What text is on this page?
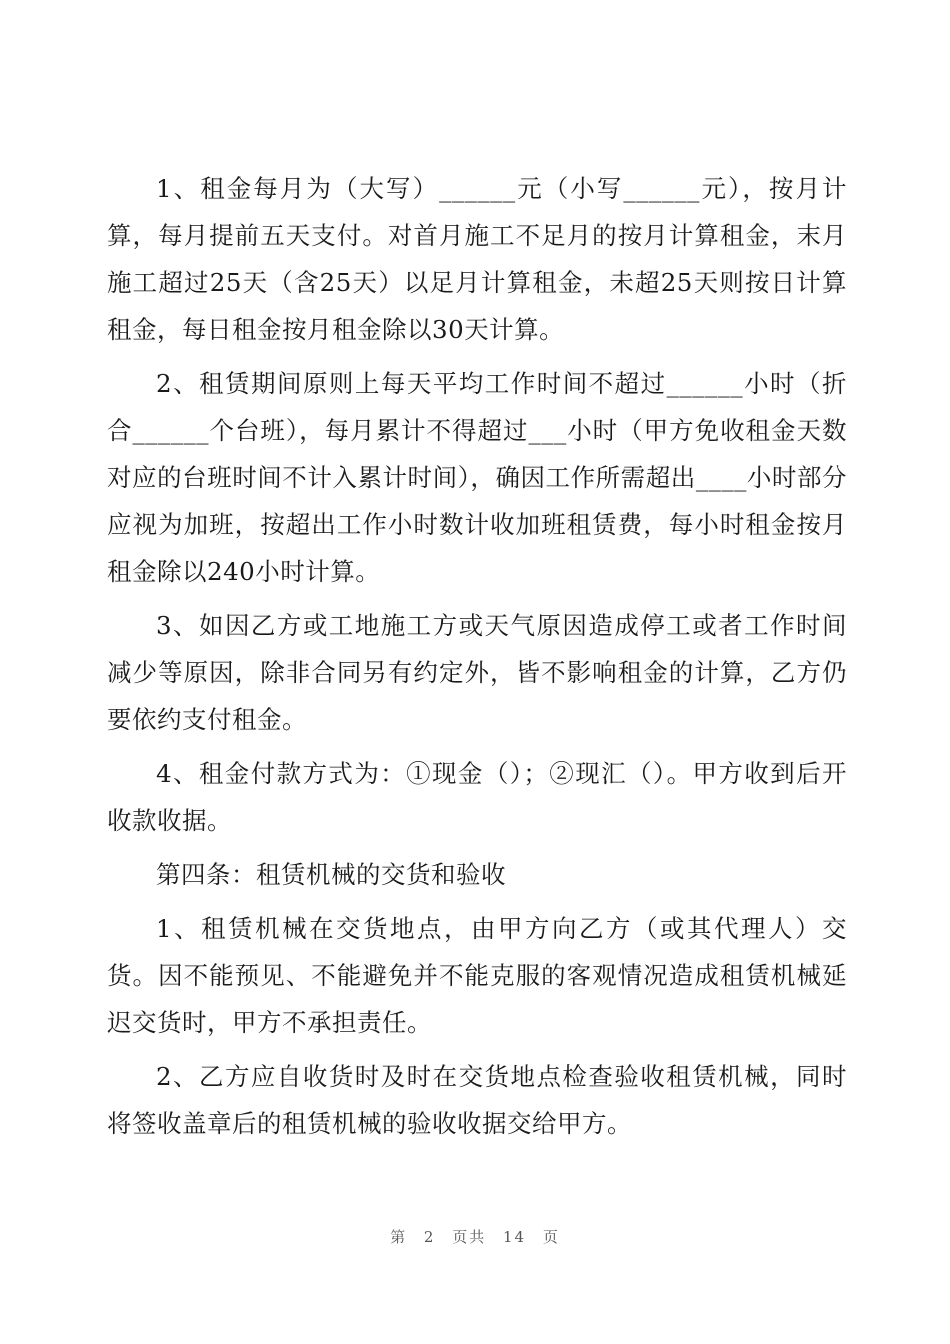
1、租金每月为（大写）______元（小写______元），按月计算，每月提前五天支付。对首月施工不足月的按月计算租金，末月施工超过25天（含25天）以足月计算租金，未超25天则按日计算租金，每日租金按月租金除以30天计算。

2、租赁期间原则上每天平均工作时间不超过______小时（折合______个台班），每月累计不得超过___小时（甲方免收租金天数对应的台班时间不计入累计时间），确因工作所需超出____小时部分应视为加班，按超出工作小时数计收加班租赁费，每小时租金按月租金除以240小时计算。

3、如因乙方或工地施工方或天气原因造成停工或者工作时间减少等原因，除非合同另有约定外，皆不影响租金的计算，乙方仍要依约支付租金。

4、租金付款方式为：①现金（）；②现汇（）。甲方收到后开收款收据。

第四条：租赁机械的交货和验收

1、租赁机械在交货地点，由甲方向乙方（或其代理人）交货。因不能预见、不能避免并不能克服的客观情况造成租赁机械延迟交货时，甲方不承担责任。

2、乙方应自收货时及时在交货地点检查验收租赁机械，同时将签收盖章后的租赁机械的验收收据交给甲方。

第 2 页共 14 页
